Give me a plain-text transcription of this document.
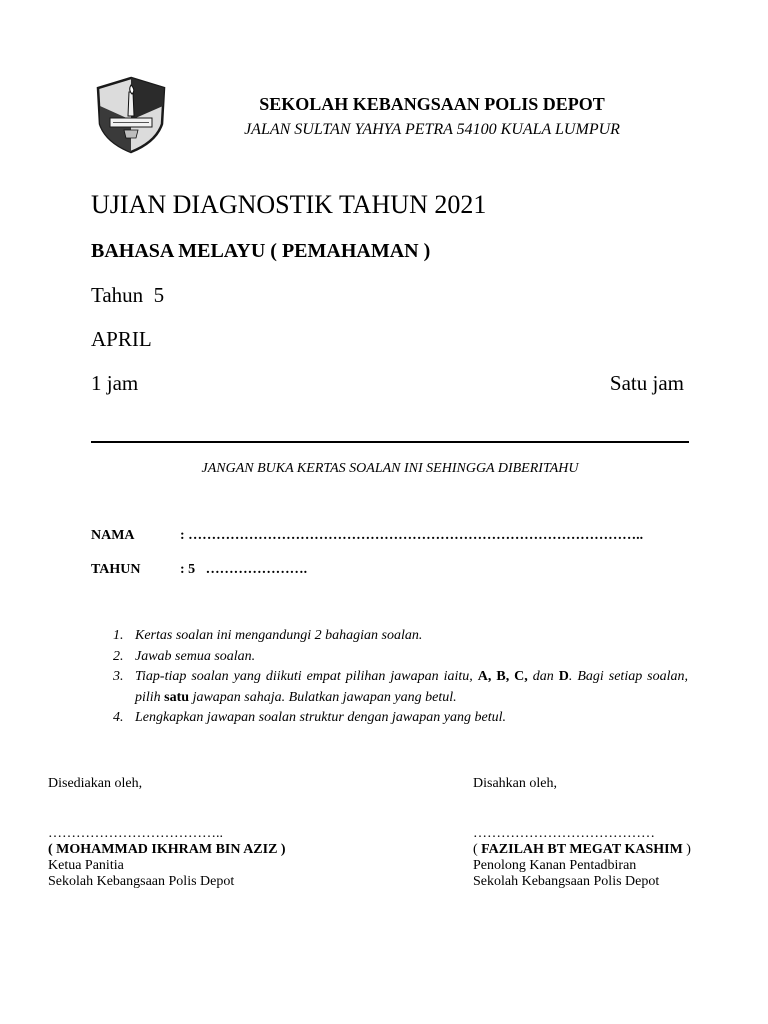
SEKOLAH KEBANGSAAN POLIS DEPOT
JALAN SULTAN YAHYA PETRA 54100 KUALA LUMPUR
UJIAN DIAGNOSTIK TAHUN 2021
BAHASA MELAYU ( PEMAHAMAN )
Tahun  5
APRIL
1 jam	Satu jam
JANGAN BUKA KERTAS SOALAN INI SEHINGGA DIBERITAHU
NAMA	: ……………………………………………………………………………………..
TAHUN	: 5   ………………….
1. Kertas soalan ini mengandungi 2 bahagian soalan.
2. Jawab semua soalan.
3. Tiap-tiap soalan yang diikuti empat pilihan jawapan iaitu, A, B, C, dan D. Bagi setiap soalan, pilih satu jawapan sahaja. Bulatkan jawapan yang betul.
4. Lengkapkan jawapan soalan struktur dengan jawapan yang betul.
Disediakan oleh,
………………………………..
( MOHAMMAD IKHRAM BIN AZIZ )
Ketua Panitia
Sekolah Kebangsaan Polis Depot
Disahkan oleh,
…………………………………
( FAZILAH BT MEGAT KASHIM )
Penolong Kanan Pentadbiran
Sekolah Kebangsaan Polis Depot
